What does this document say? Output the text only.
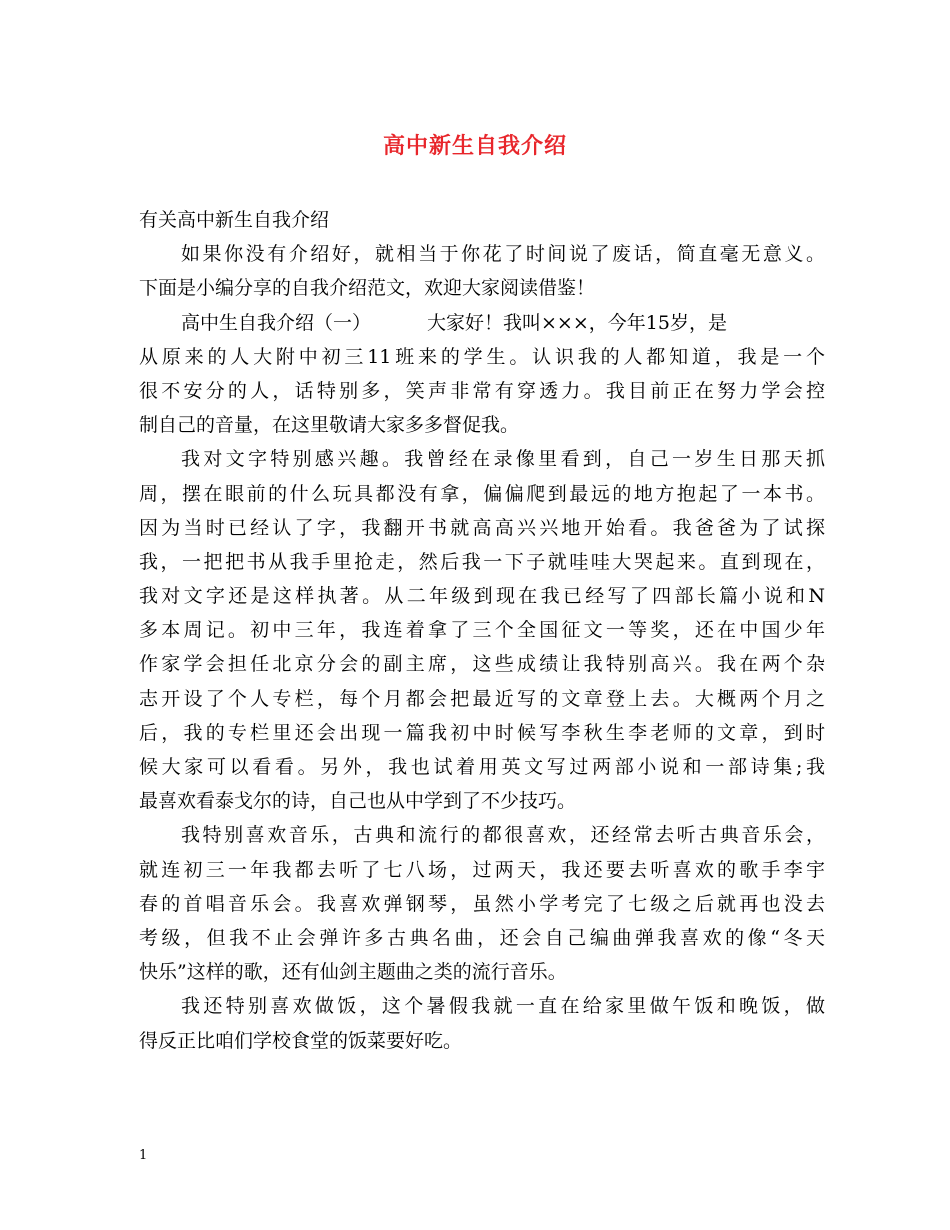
高中新生自我介绍
有关高中新生自我介绍
如果你没有介绍好，就相当于你花了时间说了废话，简直毫无意义。
下面是小编分享的自我介绍范文，欢迎大家阅读借鉴！
高中生自我介绍（一）	大家好！我叫×××，今年15岁，是
从原来的人大附中初三11班来的学生。认识我的人都知道，我是一个
很不安分的人，话特别多，笑声非常有穿透力。我目前正在努力学会控
制自己的音量，在这里敬请大家多多督促我。
我对文字特别感兴趣。我曾经在录像里看到，自己一岁生日那天抓
周，摆在眼前的什么玩具都没有拿，偏偏爬到最远的地方抱起了一本书。
因为当时已经认了字，我翻开书就高高兴兴地开始看。我爸爸为了试探
我，一把把书从我手里抢走，然后我一下子就哇哇大哭起来。直到现在，
我对文字还是这样执著。从二年级到现在我已经写了四部长篇小说和N
多本周记。初中三年，我连着拿了三个全国征文一等奖，还在中国少年
作家学会担任北京分会的副主席，这些成绩让我特别高兴。我在两个杂
志开设了个人专栏，每个月都会把最近写的文章登上去。大概两个月之
后，我的专栏里还会出现一篇我初中时候写李秋生李老师的文章，到时
候大家可以看看。另外，我也试着用英文写过两部小说和一部诗集;我
最喜欢看泰戈尔的诗，自己也从中学到了不少技巧。
我特别喜欢音乐，古典和流行的都很喜欢，还经常去听古典音乐会，
就连初三一年我都去听了七八场，过两天，我还要去听喜欢的歌手李宇
春的首唱音乐会。我喜欢弹钢琴，虽然小学考完了七级之后就再也没去
考级，但我不止会弹许多古典名曲，还会自己编曲弹我喜欢的像“冬天
快乐”这样的歌，还有仙剑主题曲之类的流行音乐。
我还特别喜欢做饭，这个暑假我就一直在给家里做午饭和晚饭，做
得反正比咱们学校食堂的饭菜要好吃。
1
